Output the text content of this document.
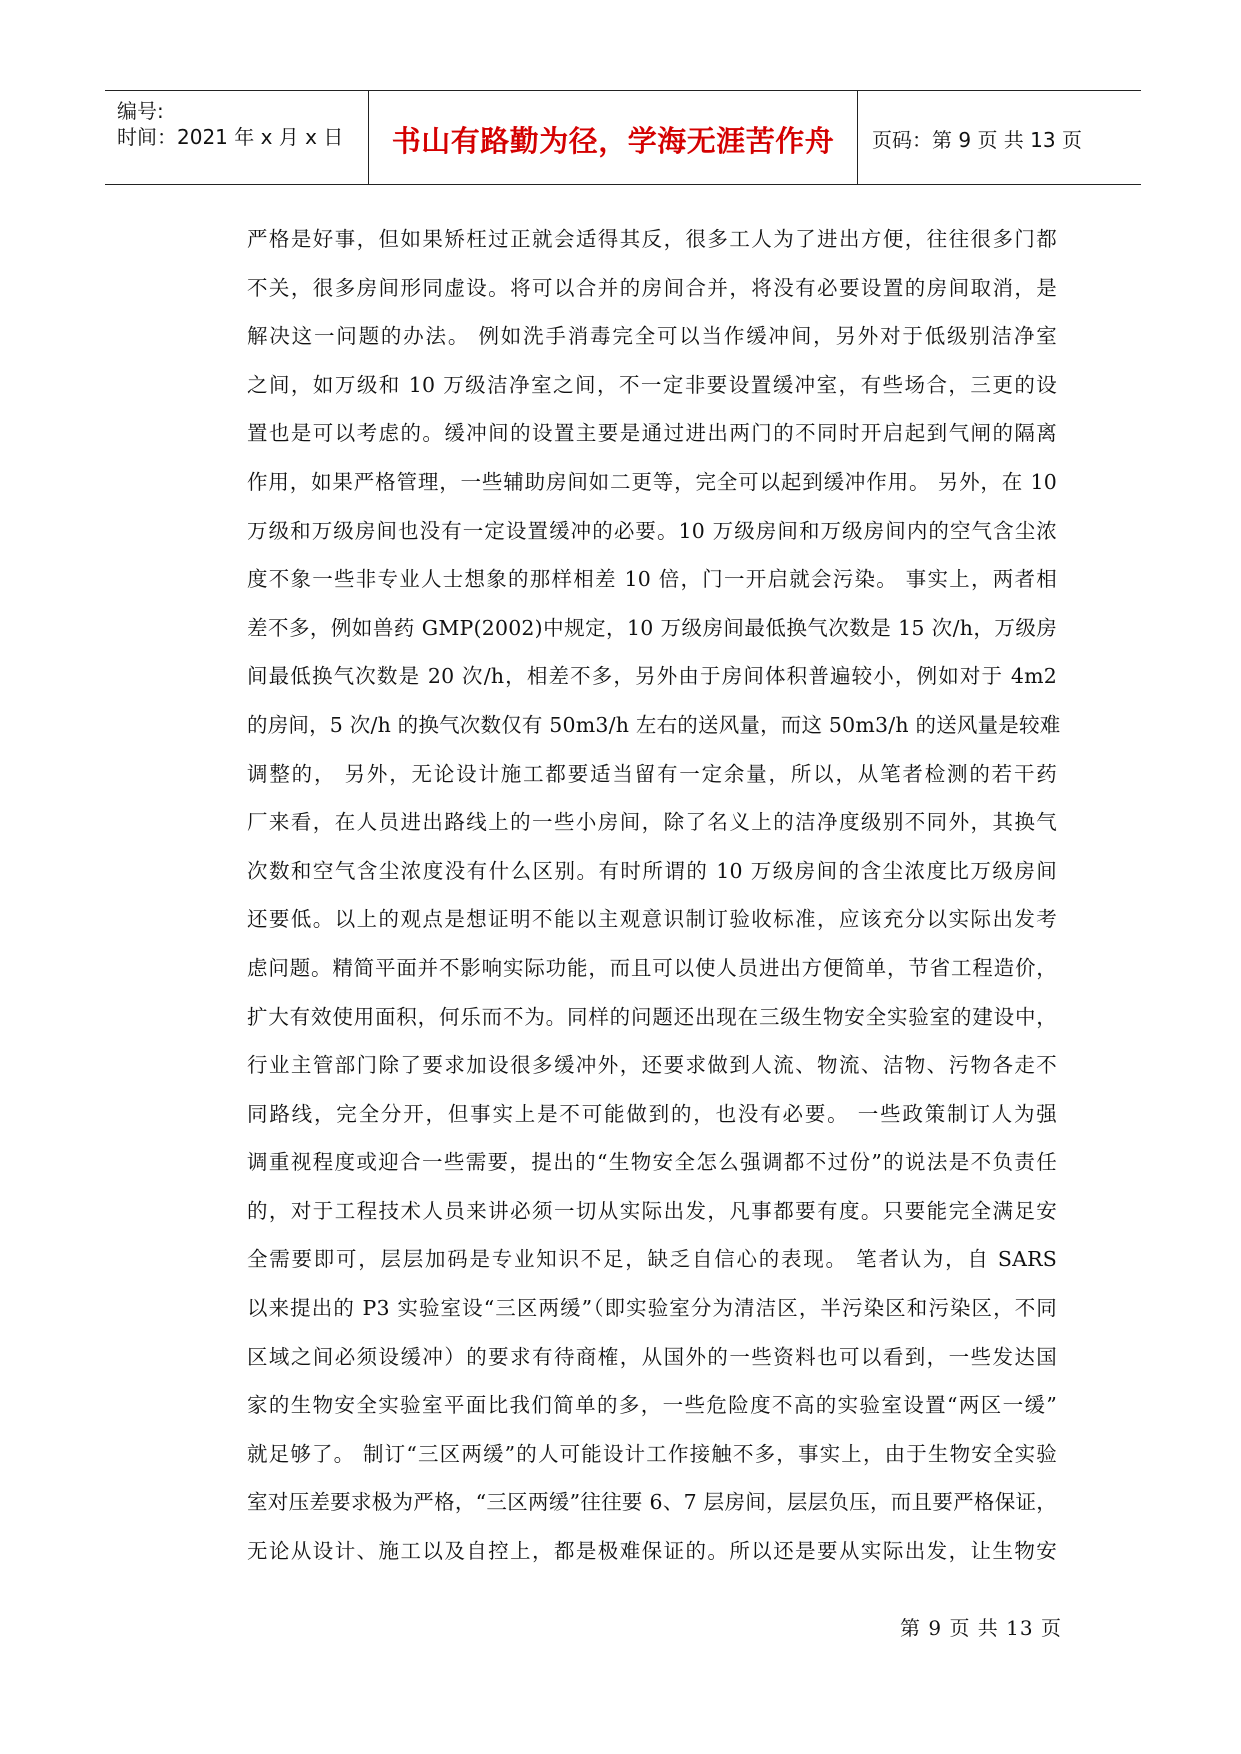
编号:
时间：2021 年 x 月 x 日	书山有路勤为径，学海无涯苦作舟	页码：第 9 页 共 13 页
严格是好事，但如果矫枉过正就会适得其反，很多工人为了进出方便，往往很多门都
不关，很多房间形同虚设。将可以合并的房间合并，将没有必要设置的房间取消，是
解决这一问题的办法。 例如洗手消毒完全可以当作缓冲间，另外对于低级别洁净室
之间，如万级和 10 万级洁净室之间，不一定非要设置缓冲室，有些场合，三更的设
置也是可以考虑的。缓冲间的设置主要是通过进出两门的不同时开启起到气闸的隔离
作用，如果严格管理，一些辅助房间如二更等，完全可以起到缓冲作用。 另外，在 10
万级和万级房间也没有一定设置缓冲的必要。10 万级房间和万级房间内的空气含尘浓
度不象一些非专业人士想象的那样相差 10 倍，门一开启就会污染。 事实上，两者相
差不多，例如兽药 GMP(2002)中规定，10 万级房间最低换气次数是 15 次/h，万级房
间最低换气次数是 20 次/h，相差不多，另外由于房间体积普遍较小，例如对于 4m2
的房间，5 次/h 的换气次数仅有 50m3/h 左右的送风量，而这 50m3/h 的送风量是较难
调整的， 另外，无论设计施工都要适当留有一定余量，所以，从笔者检测的若干药
厂来看，在人员进出路线上的一些小房间，除了名义上的洁净度级别不同外，其换气
次数和空气含尘浓度没有什么区别。有时所谓的 10 万级房间的含尘浓度比万级房间
还要低。以上的观点是想证明不能以主观意识制订验收标准，应该充分以实际出发考
虑问题。精简平面并不影响实际功能，而且可以使人员进出方便简单，节省工程造价，
扩大有效使用面积，何乐而不为。同样的问题还出现在三级生物安全实验室的建设中，
行业主管部门除了要求加设很多缓冲外，还要求做到人流、物流、洁物、污物各走不
同路线，完全分开，但事实上是不可能做到的，也没有必要。 一些政策制订人为强
调重视程度或迎合一些需要，提出的“生物安全怎么强调都不过份”的说法是不负责任
的，对于工程技术人员来讲必须一切从实际出发，凡事都要有度。只要能完全满足安
全需要即可，层层加码是专业知识不足，缺乏自信心的表现。 笔者认为，自 SARS
以来提出的 P3 实验室设“三区两缓”（即实验室分为清洁区，半污染区和污染区，不同
区域之间必须设缓冲）的要求有待商榷，从国外的一些资料也可以看到，一些发达国
家的生物安全实验室平面比我们简单的多，一些危险度不高的实验室设置“两区一缓”
就足够了。 制订“三区两缓”的人可能设计工作接触不多，事实上，由于生物安全实验
室对压差要求极为严格，“三区两缓”往往要 6、7 层房间，层层负压，而且要严格保证，
无论从设计、施工以及自控上，都是极难保证的。所以还是要从实际出发，让生物安
第 9 页 共 13 页
